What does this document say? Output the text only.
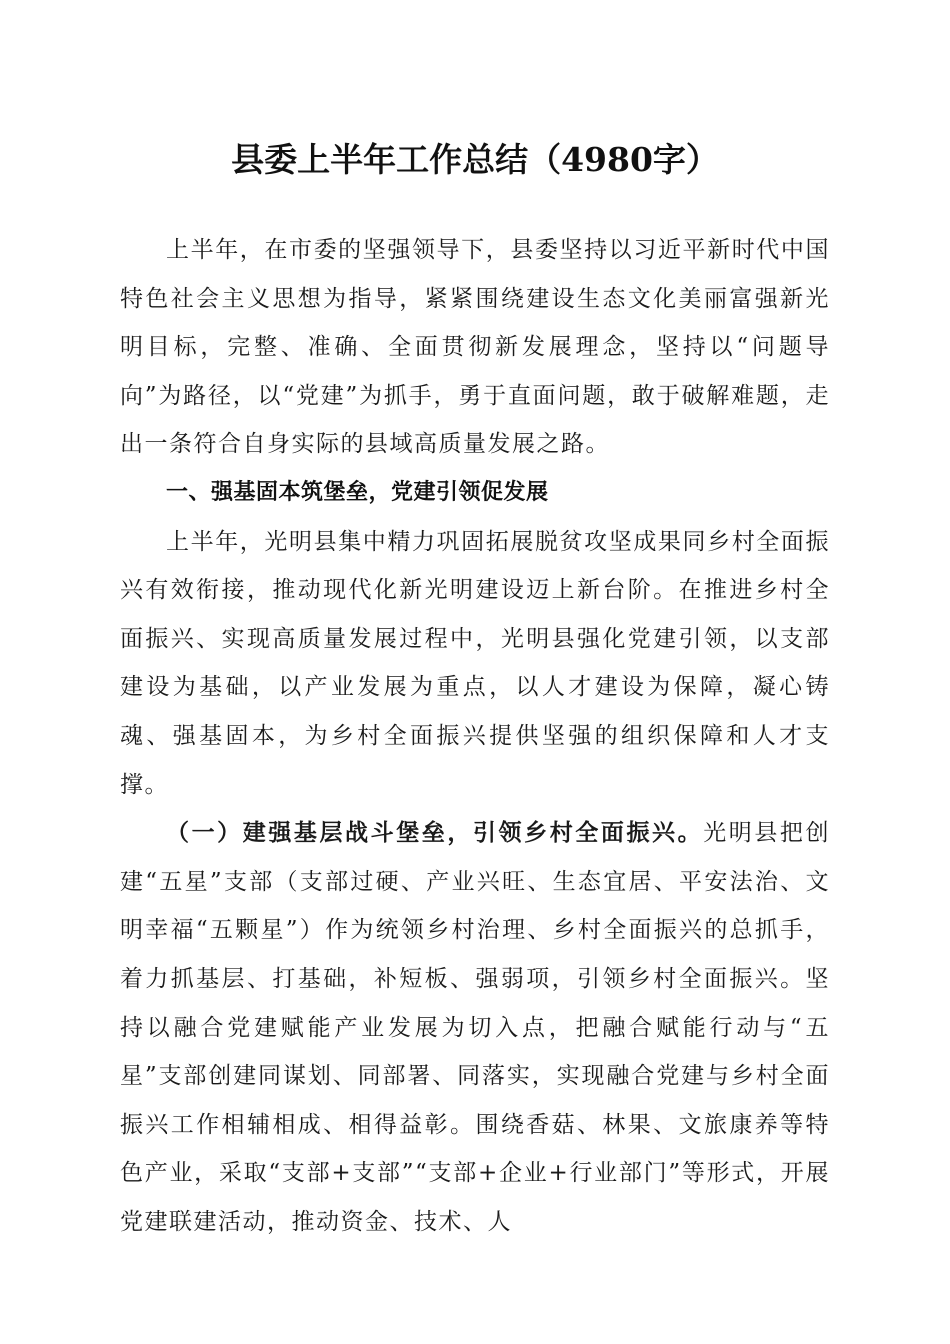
县委上半年工作总结（4980字）

上半年，在市委的坚强领导下，县委坚持以习近平新时代中国特色社会主义思想为指导，紧紧围绕建设生态文化美丽富强新光明目标，完整、准确、全面贯彻新发展理念，坚持以“问题导向”为路径，以“党建”为抓手，勇于直面问题，敢于破解难题，走出一条符合自身实际的县域高质量发展之路。

一、强基固本筑堡垒，党建引领促发展

上半年，光明县集中精力巩固拓展脱贫攻坚成果同乡村全面振兴有效衔接，推动现代化新光明建设迈上新台阶。在推进乡村全面振兴、实现高质量发展过程中，光明县强化党建引领，以支部建设为基础，以产业发展为重点，以人才建设为保障，凝心铸魂、强基固本，为乡村全面振兴提供坚强的组织保障和人才支撑。

（一）建强基层战斗堡垒，引领乡村全面振兴。光明县把创建“五星”支部（支部过硬、产业兴旺、生态宜居、平安法治、文明幸福“五颗星”）作为统领乡村治理、乡村全面振兴的总抓手，着力抓基层、打基础，补短板、强弱项，引领乡村全面振兴。坚持以融合党建赋能产业发展为切入点，把融合赋能行动与“五星”支部创建同谋划、同部署、同落实，实现融合党建与乡村全面振兴工作相辅相成、相得益彰。围绕香菇、林果、文旅康养等特色产业，采取“支部+支部”“支部+企业+行业部门”等形式，开展党建联建活动，推动资金、技术、人
